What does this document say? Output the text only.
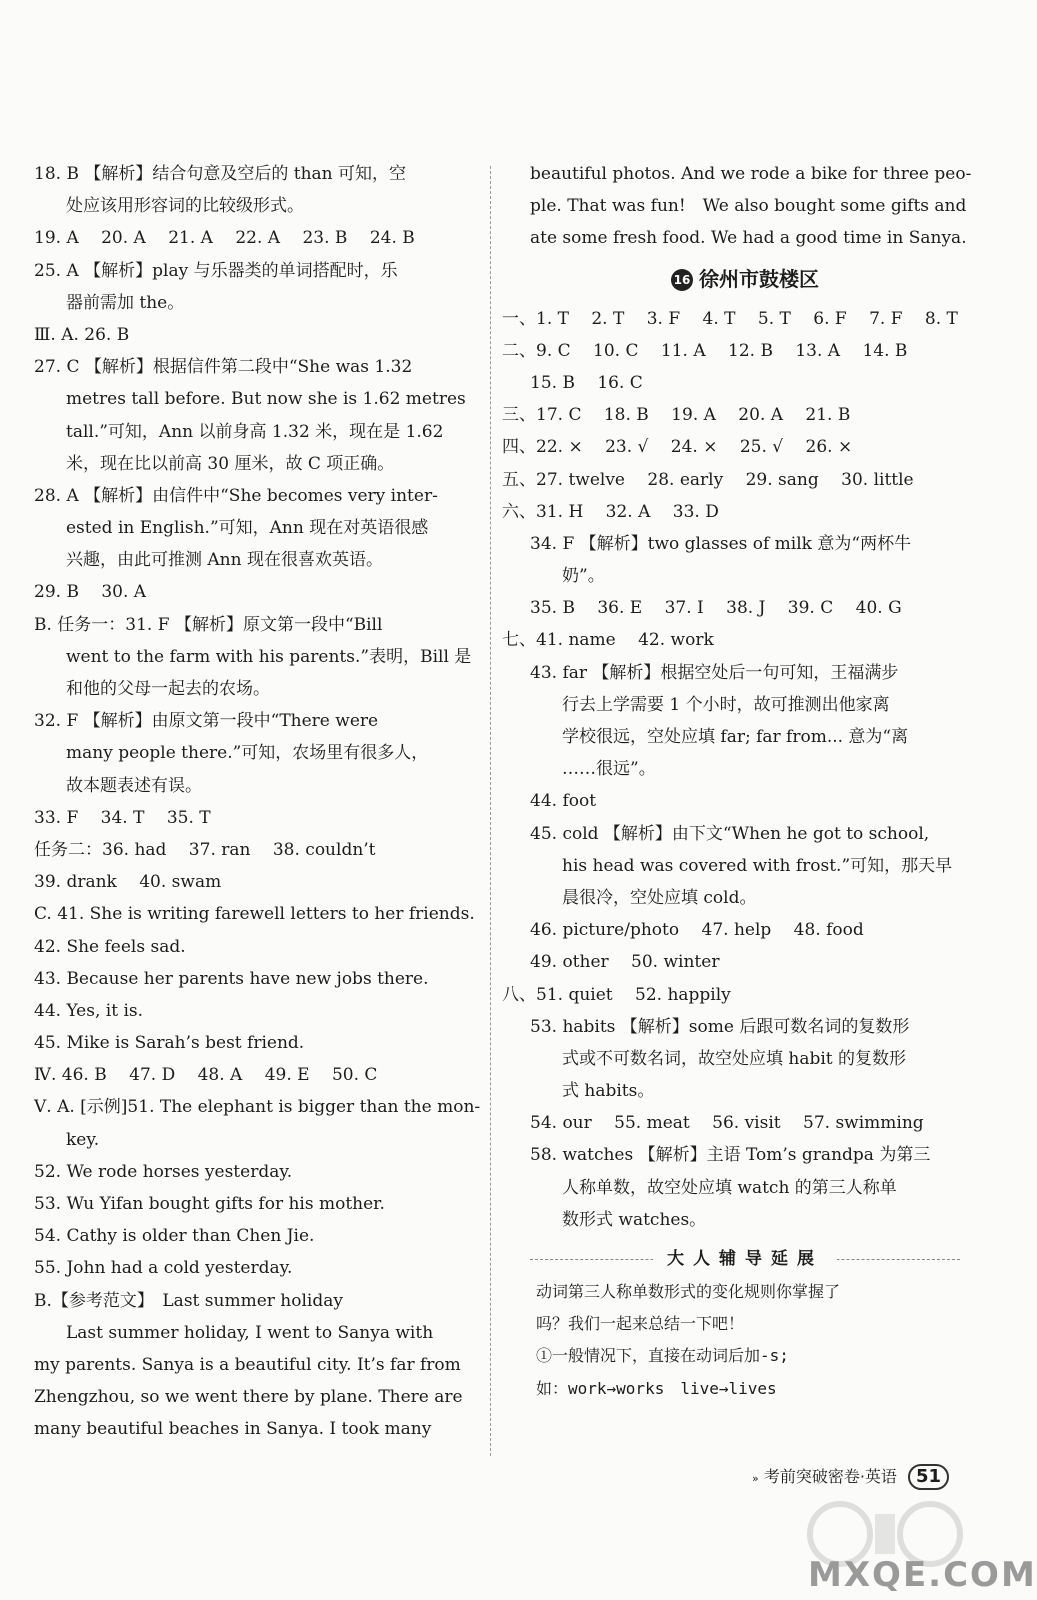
18. B 【解析】结合句意及空后的 than 可知，空
处应该用形容词的比较级形式。
19. A　 20. A　 21. A　 22. A　 23. B　 24. B
25. A 【解析】play 与乐器类的单词搭配时，乐
器前需加 the。
Ⅲ. A. 26. B
27. C 【解析】根据信件第二段中“She was 1.32
metres tall before. But now she is 1.62 metres
tall.”可知，Ann 以前身高 1.32 米，现在是 1.62
米，现在比以前高 30 厘米，故 C 项正确。
28. A 【解析】由信件中“She becomes very inter-
ested in English.”可知，Ann 现在对英语很感
兴趣，由此可推测 Ann 现在很喜欢英语。
29. B　 30. A
B. 任务一：31. F 【解析】原文第一段中“Bill
went to the farm with his parents.”表明，Bill 是
和他的父母一起去的农场。
32. F 【解析】由原文第一段中“There were
many people there.”可知，农场里有很多人，
故本题表述有误。
33. F　 34. T　 35. T
任务二：36. had　 37. ran　 38. couldn’t
39. drank　 40. swam
C. 41. She is writing farewell letters to her friends.
42. She feels sad.
43. Because her parents have new jobs there.
44. Yes, it is.
45. Mike is Sarah’s best friend.
Ⅳ. 46. B　 47. D　 48. A　 49. E　 50. C
Ⅴ. A. [示例]51. The elephant is bigger than the mon-
key.
52. We rode horses yesterday.
53. Wu Yifan bought gifts for his mother.
54. Cathy is older than Chen Jie.
55. John had a cold yesterday.
B.【参考范文】　Last summer holiday
Last summer holiday, I went to Sanya with
my parents. Sanya is a beautiful city. It’s far from
Zhengzhou, so we went there by plane. There are
many beautiful beaches in Sanya. I took many
beautiful photos. And we rode a bike for three peo-
ple. That was fun!　We also bought some gifts and
ate some fresh food. We had a good time in Sanya.
16 徐州市鼓楼区
一、1. T　 2. T　 3. F　 4. T　 5. T　 6. F　 7. F　 8. T
二、9. C　 10. C　 11. A　 12. B　 13. A　 14. B
15. B　 16. C
三、17. C　 18. B　 19. A　 20. A　 21. B
四、22. ×　 23. √　 24. ×　 25. √　 26. ×
五、27. twelve　 28. early　 29. sang　 30. little
六、31. H　 32. A　 33. D
34. F 【解析】two glasses of milk 意为“两杯牛
奶”。
35. B　 36. E　 37. I　 38. J　 39. C　 40. G
七、41. name　 42. work
43. far 【解析】根据空处后一句可知，王福满步
行去上学需要 1 个小时，故可推测出他家离
学校很远，空处应填 far; far from... 意为“离
……很远”。
44. foot
45. cold 【解析】由下文“When he got to school,
his head was covered with frost.”可知，那天早
晨很冷，空处应填 cold。
46. picture/photo　 47. help　 48. food
49. other　 50. winter
八、51. quiet　 52. happily
53. habits 【解析】some 后跟可数名词的复数形
式或不可数名词，故空处应填 habit 的复数形
式 habits。
54. our　 55. meat　 56. visit　 57. swimming
58. watches 【解析】主语 Tom’s grandpa 为第三
人称单数，故空处应填 watch 的第三人称单
数形式 watches。
大人辅导延展
动词第三人称单数形式的变化规则你掌握了
吗？我们一起来总结一下吧！
①一般情况下，直接在动词后加-s;
如：work→works　live→lives
» 考前突破密卷·英语 51
MXQE.COM
